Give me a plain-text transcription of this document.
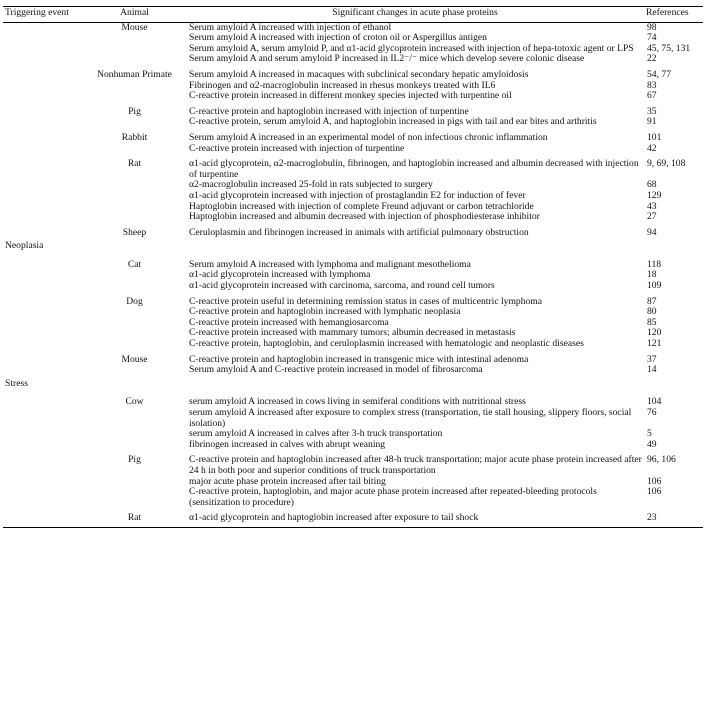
Triggering event	Animal	Significant changes in acute phase proteins	References
	Mouse	Serum amyloid A increased with injection of ethanol	98
		Serum amyloid A increased with injection of croton oil or Aspergillus antigen	74
		Serum amyloid A, serum amyloid P, and α1-acid glycoprotein increased with injection of hepa-totoxic agent or LPS	45, 75, 131
		Serum amyloid A and serum amyloid P increased in IL2⁻/⁻ mice which develop severe colonic disease	22
	Nonhuman Primate	Serum amyloid A increased in macaques with subclinical secondary hepatic amyloidosis	54, 77
		Fibrinogen and α2-macroglobulin increased in rhesus monkeys treated with IL6	83
		C-reactive protein increased in different monkey species injected with turpentine oil	67
	Pig	C-reactive protein and haptoglobin increased with injection of turpentine	35
		C-reactive protein, serum amyloid A, and haptoglobin increased in pigs with tail and ear bites and arthritis	91
	Rabbit	Serum amyloid A increased in an experimental model of non infectious chronic inflammation	101
		C-reactive protein increased with injection of turpentine	42
	Rat	α1-acid glycoprotein, α2-macroglobulin, fibrinogen, and haptoglobin increased and albumin decreased with injection of turpentine	9, 69, 108
		α2-macroglobulin increased 25-fold in rats subjected to surgery	68
		α1-acid glycoprotein increased with injection of prostaglandin E2 for induction of fever	129
		Haptoglobin increased with injection of complete Freund adjuvant or carbon tetrachloride	43
		Haptoglobin increased and albumin decreased with injection of phosphodiesterase inhibitor	27
	Sheep	Ceruloplasmin and fibrinogen increased in animals with artificial pulmonary obstruction	94
Neoplasia			
	Cat	Serum amyloid A increased with lymphoma and malignant mesothelioma	118
		α1-acid glycoprotein increased with lymphoma	18
		α1-acid glycoprotein increased with carcinoma, sarcoma, and round cell tumors	109
	Dog	C-reactive protein useful in determining remission status in cases of multicentric lymphoma	87
		C-reactive protein and haptoglobin increased with lymphatic neoplasia	80
		C-reactive protein increased with hemangiosarcoma	85
		C-reactive protein increased with mammary tumors; albumin decreased in metastasis	120
		C-reactive protein, haptoglobin, and ceruloplasmin increased with hematologic and neoplastic diseases	121
	Mouse	C-reactive protein and haptoglobin increased in transgenic mice with intestinal adenoma	37
		Serum amyloid A and C-reactive protein increased in model of fibrosarcoma	14
Stress			
	Cow	serum amyloid A increased in cows living in semiferal conditions with nutritional stress	104
		serum amyloid A increased after exposure to complex stress (transportation, tie stall housing, slippery floors, social isolation)	76
		serum amyloid A increased in calves after 3-h truck transportation	5
		fibrinogen increased in calves with abrupt weaning	49
	Pig	C-reactive protein and haptoglobin increased after 48-h truck transportation; major acute phase protein increased after 24 h in both poor and superior conditions of truck transportation	96, 106
		major acute phase protein increased after tail biting	106
		C-reactive protein, haptoglobin, and major acute phase protein increased after repeated-bleeding protocols (sensitization to procedure)	106
	Rat	α1-acid glycoprotein and haptoglobin increased after exposure to tail shock	23
